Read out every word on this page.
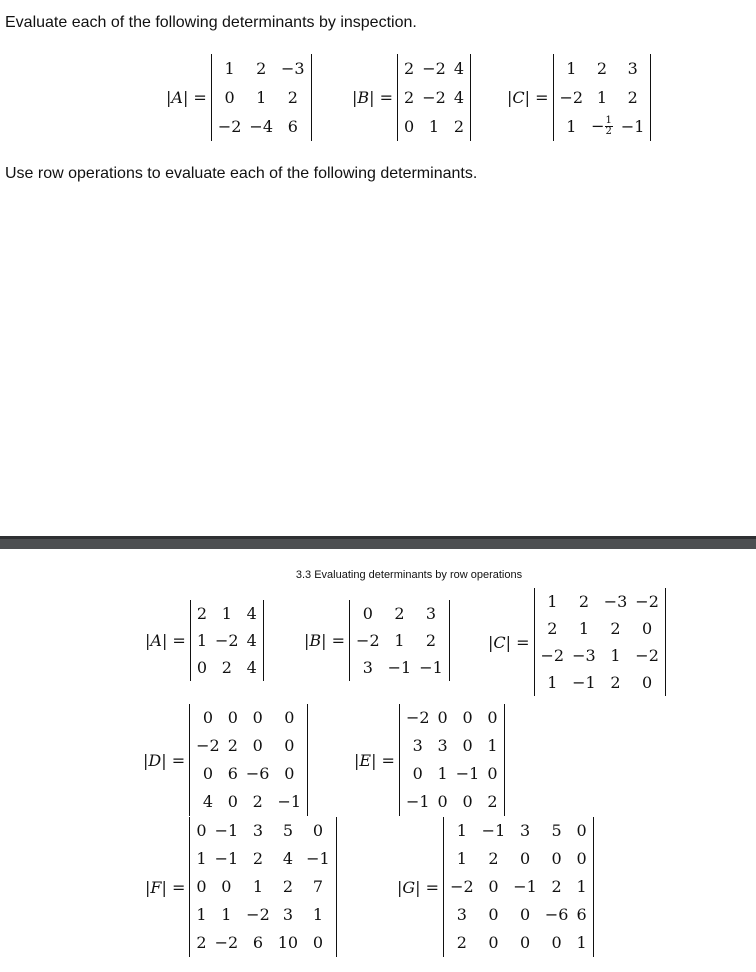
Evaluate each of the following determinants by inspection.
|A| =
1	2	−3
0	1	2
−2	−4	6
|B| =
2	−2	4
2	−2	4
0	1	2
|C| =
1	2	3
−2	1	2
1	− $\frac{1}{2}$	−1
Use row operations to evaluate each of the following determinants.
3.3 Evaluating determinants by row operations
|A| =
2	1	4
1	−2	4
0	2	4
|B| =
0	2	3
−2	1	2
3	−1	−1
|C| =
1	2	−3	−2
2	1	2	0
−2	−3	1	−2
1	−1	2	0
|D| =
0	0	0	0
−2	2	0	0
0	6	−6	0
4	0	2	−1
|E| =
−2	0	0	0
3	3	0	1
0	1	−1	0
−1	0	0	2
|F| =
0	−1	3	5	0
1	−1	2	4	−1
0	0	1	2	7
1	1	−2	3	1
2	−2	6	10	0
|G| =
1	−1	3	5	0
1	2	0	0	0
−2	0	−1	2	1
3	0	0	−6	6
2	0	0	0	1
